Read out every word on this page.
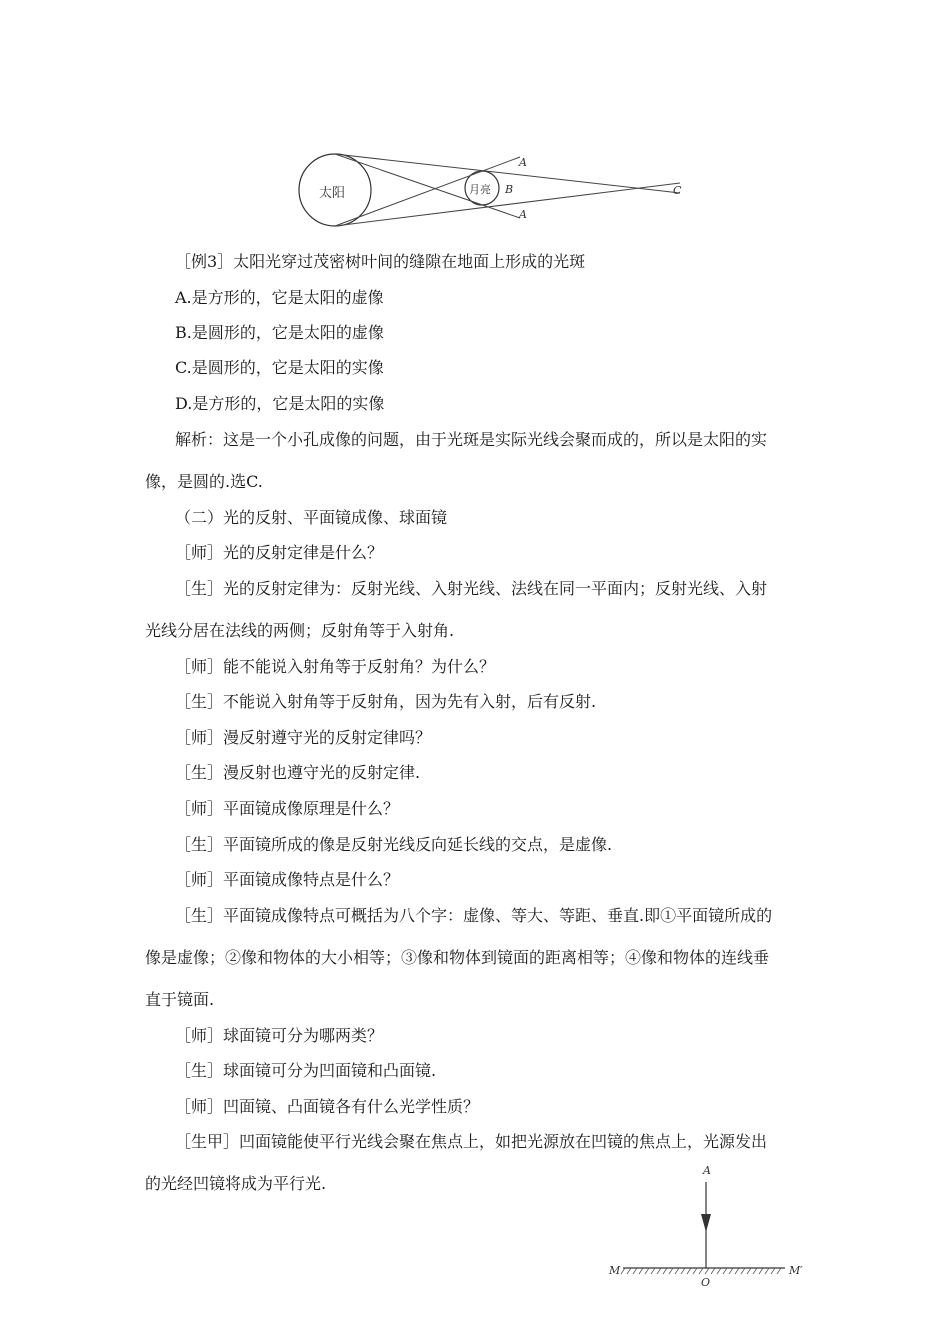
太阳	月亮
A
B
A
C
［例3］太阳光穿过茂密树叶间的缝隙在地面上形成的光斑
A.是方形的，它是太阳的虚像
B.是圆形的，它是太阳的虚像
C.是圆形的，它是太阳的实像
D.是方形的，它是太阳的实像
解析：这是一个小孔成像的问题，由于光斑是实际光线会聚而成的，所以是太阳的实
像，是圆的.选C.
（二）光的反射、平面镜成像、球面镜
［师］光的反射定律是什么？
［生］光的反射定律为：反射光线、入射光线、法线在同一平面内；反射光线、入射
光线分居在法线的两侧；反射角等于入射角.
［师］能不能说入射角等于反射角？为什么？
［生］不能说入射角等于反射角，因为先有入射，后有反射.
［师］漫反射遵守光的反射定律吗？
［生］漫反射也遵守光的反射定律.
［师］平面镜成像原理是什么？
［生］平面镜所成的像是反射光线反向延长线的交点，是虚像.
［师］平面镜成像特点是什么？
［生］平面镜成像特点可概括为八个字：虚像、等大、等距、垂直.即①平面镜所成的
像是虚像；②像和物体的大小相等；③像和物体到镜面的距离相等；④像和物体的连线垂
直于镜面.
［师］球面镜可分为哪两类？
［生］球面镜可分为凹面镜和凸面镜.
［师］凹面镜、凸面镜各有什么光学性质？
［生甲］凹面镜能使平行光线会聚在焦点上，如把光源放在凹镜的焦点上，光源发出
的光经凹镜将成为平行光.
A
M	M′
O
